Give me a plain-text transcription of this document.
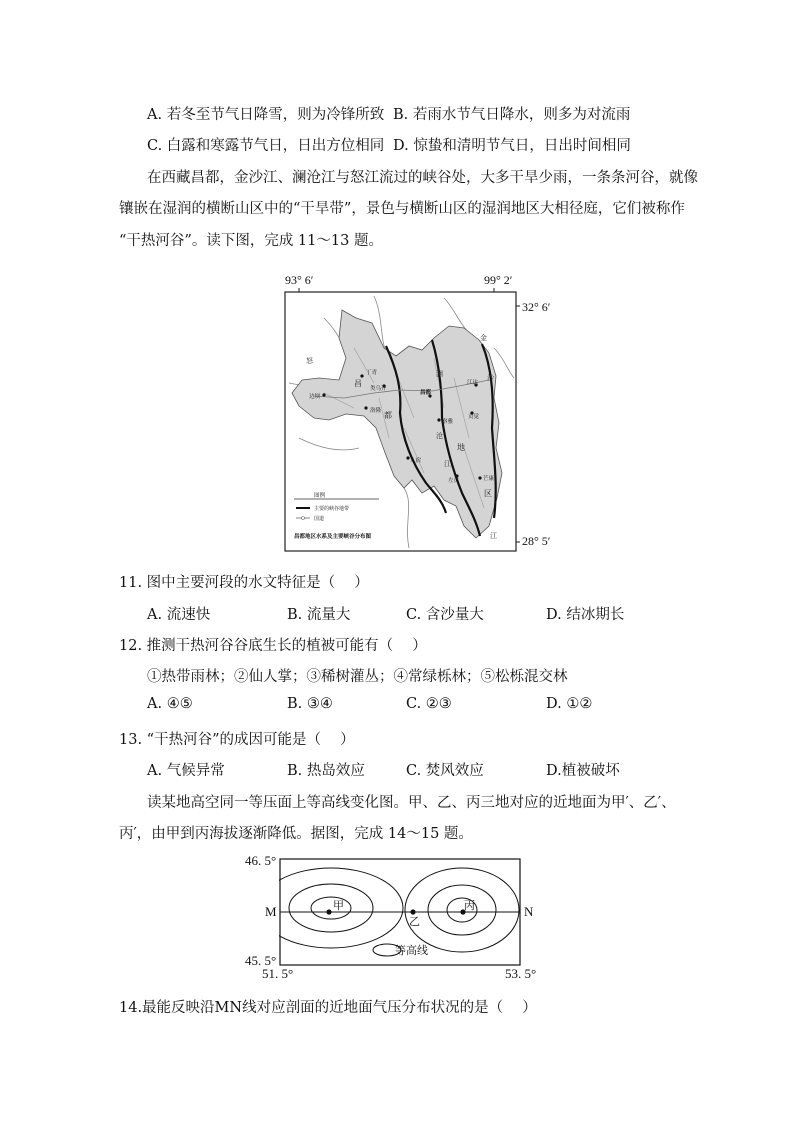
A. 若冬至节气日降雪，则为冷锋所致 B. 若雨水节气日降水，则多为对流雨
C. 白露和寒露节气日，日出方位相同 D. 惊蛰和清明节气日，日出时间相同
在西藏昌都，金沙江、澜沧江与怒江流过的峡谷处，大多干旱少雨，一条条河谷，就像
镶嵌在湿润的横断山区中的“干旱带”，景色与横断山区的湿润地区大相径庭，它们被称作
“干热河谷”。读下图，完成 11～13 题。
93° 6′	99° 2′
32° 6′
28° 5′
丁青
类乌齐
边坝
洛隆
八宿
昌都
察雅
江达
贡觉
左贡	芒康
昌
都
地
区
怒
澜
沧
江
金
沙
江
图例
主要的峡谷地带
国道
昌都地区水系及主要峡谷分布图
11. 图中主要河段的水文特征是（　 ）
A. 流速快	B. 流量大	C. 含沙量大	D. 结冰期长
12. 推测干热河谷谷底生长的植被可能有（　 ）
①热带雨林；②仙人掌；③稀树灌丛；④常绿栎林；⑤松栎混交林
A. ④⑤	B. ③④	C. ②③	D. ①②
13. “干热河谷”的成因可能是（　 ）
A. 气候异常	B. 热岛效应	C. 焚风效应	D.植被破坏
读某地高空同一等压面上等高线变化图。甲、乙、丙三地对应的近地面为甲′、乙′、
丙′，由甲到丙海拔逐渐降低。据图，完成 14～15 题。
46. 5°
45. 5°
51. 5°	53. 5°
M	N
甲
乙
丙
等高线
14.最能反映沿MN线对应剖面的近地面气压分布状况的是（　 ）
